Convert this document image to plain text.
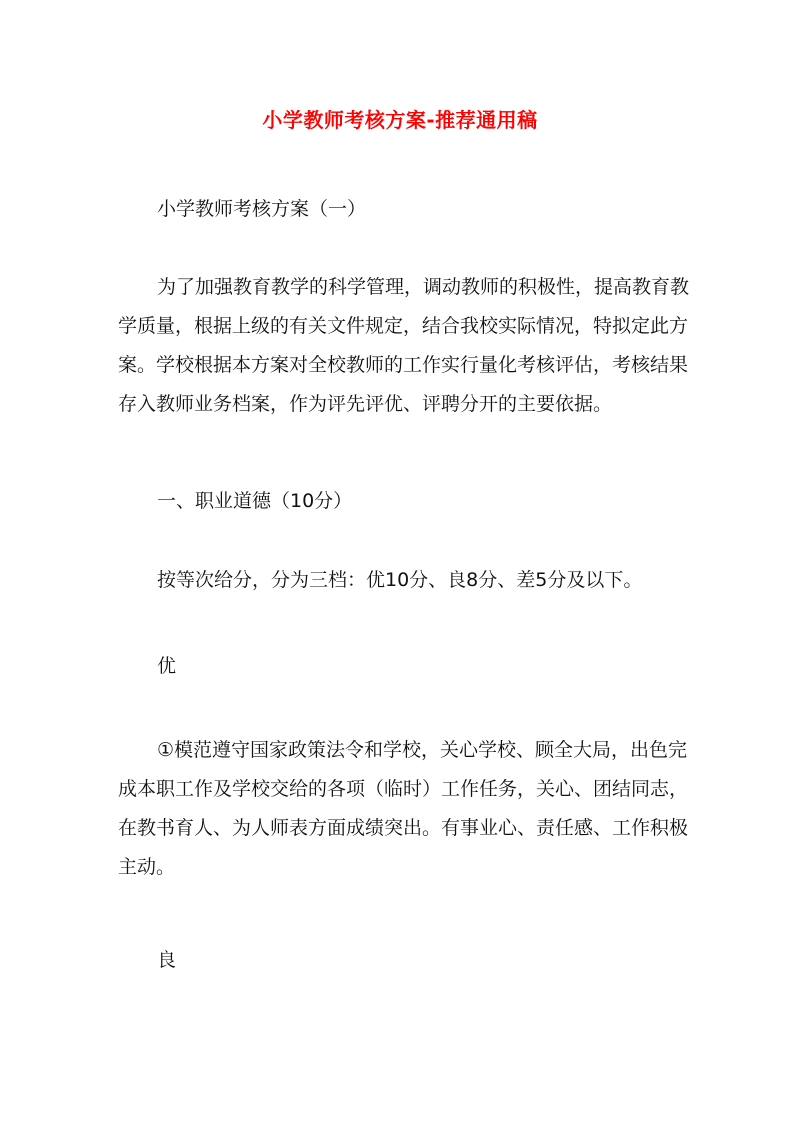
小学教师考核方案-推荐通用稿

小学教师考核方案（一）

为了加强教育教学的科学管理，调动教师的积极性，提高教育教
学质量，根据上级的有关文件规定，结合我校实际情况，特拟定此方
案。学校根据本方案对全校教师的工作实行量化考核评估，考核结果
存入教师业务档案，作为评先评优、评聘分开的主要依据。

一、职业道德（10分）

按等次给分，分为三档：优10分、良8分、差5分及以下。

优

①模范遵守国家政策法令和学校，关心学校、顾全大局，出色完
成本职工作及学校交给的各项（临时）工作任务，关心、团结同志，
在教书育人、为人师表方面成绩突出。有事业心、责任感、工作积极
主动。

良
